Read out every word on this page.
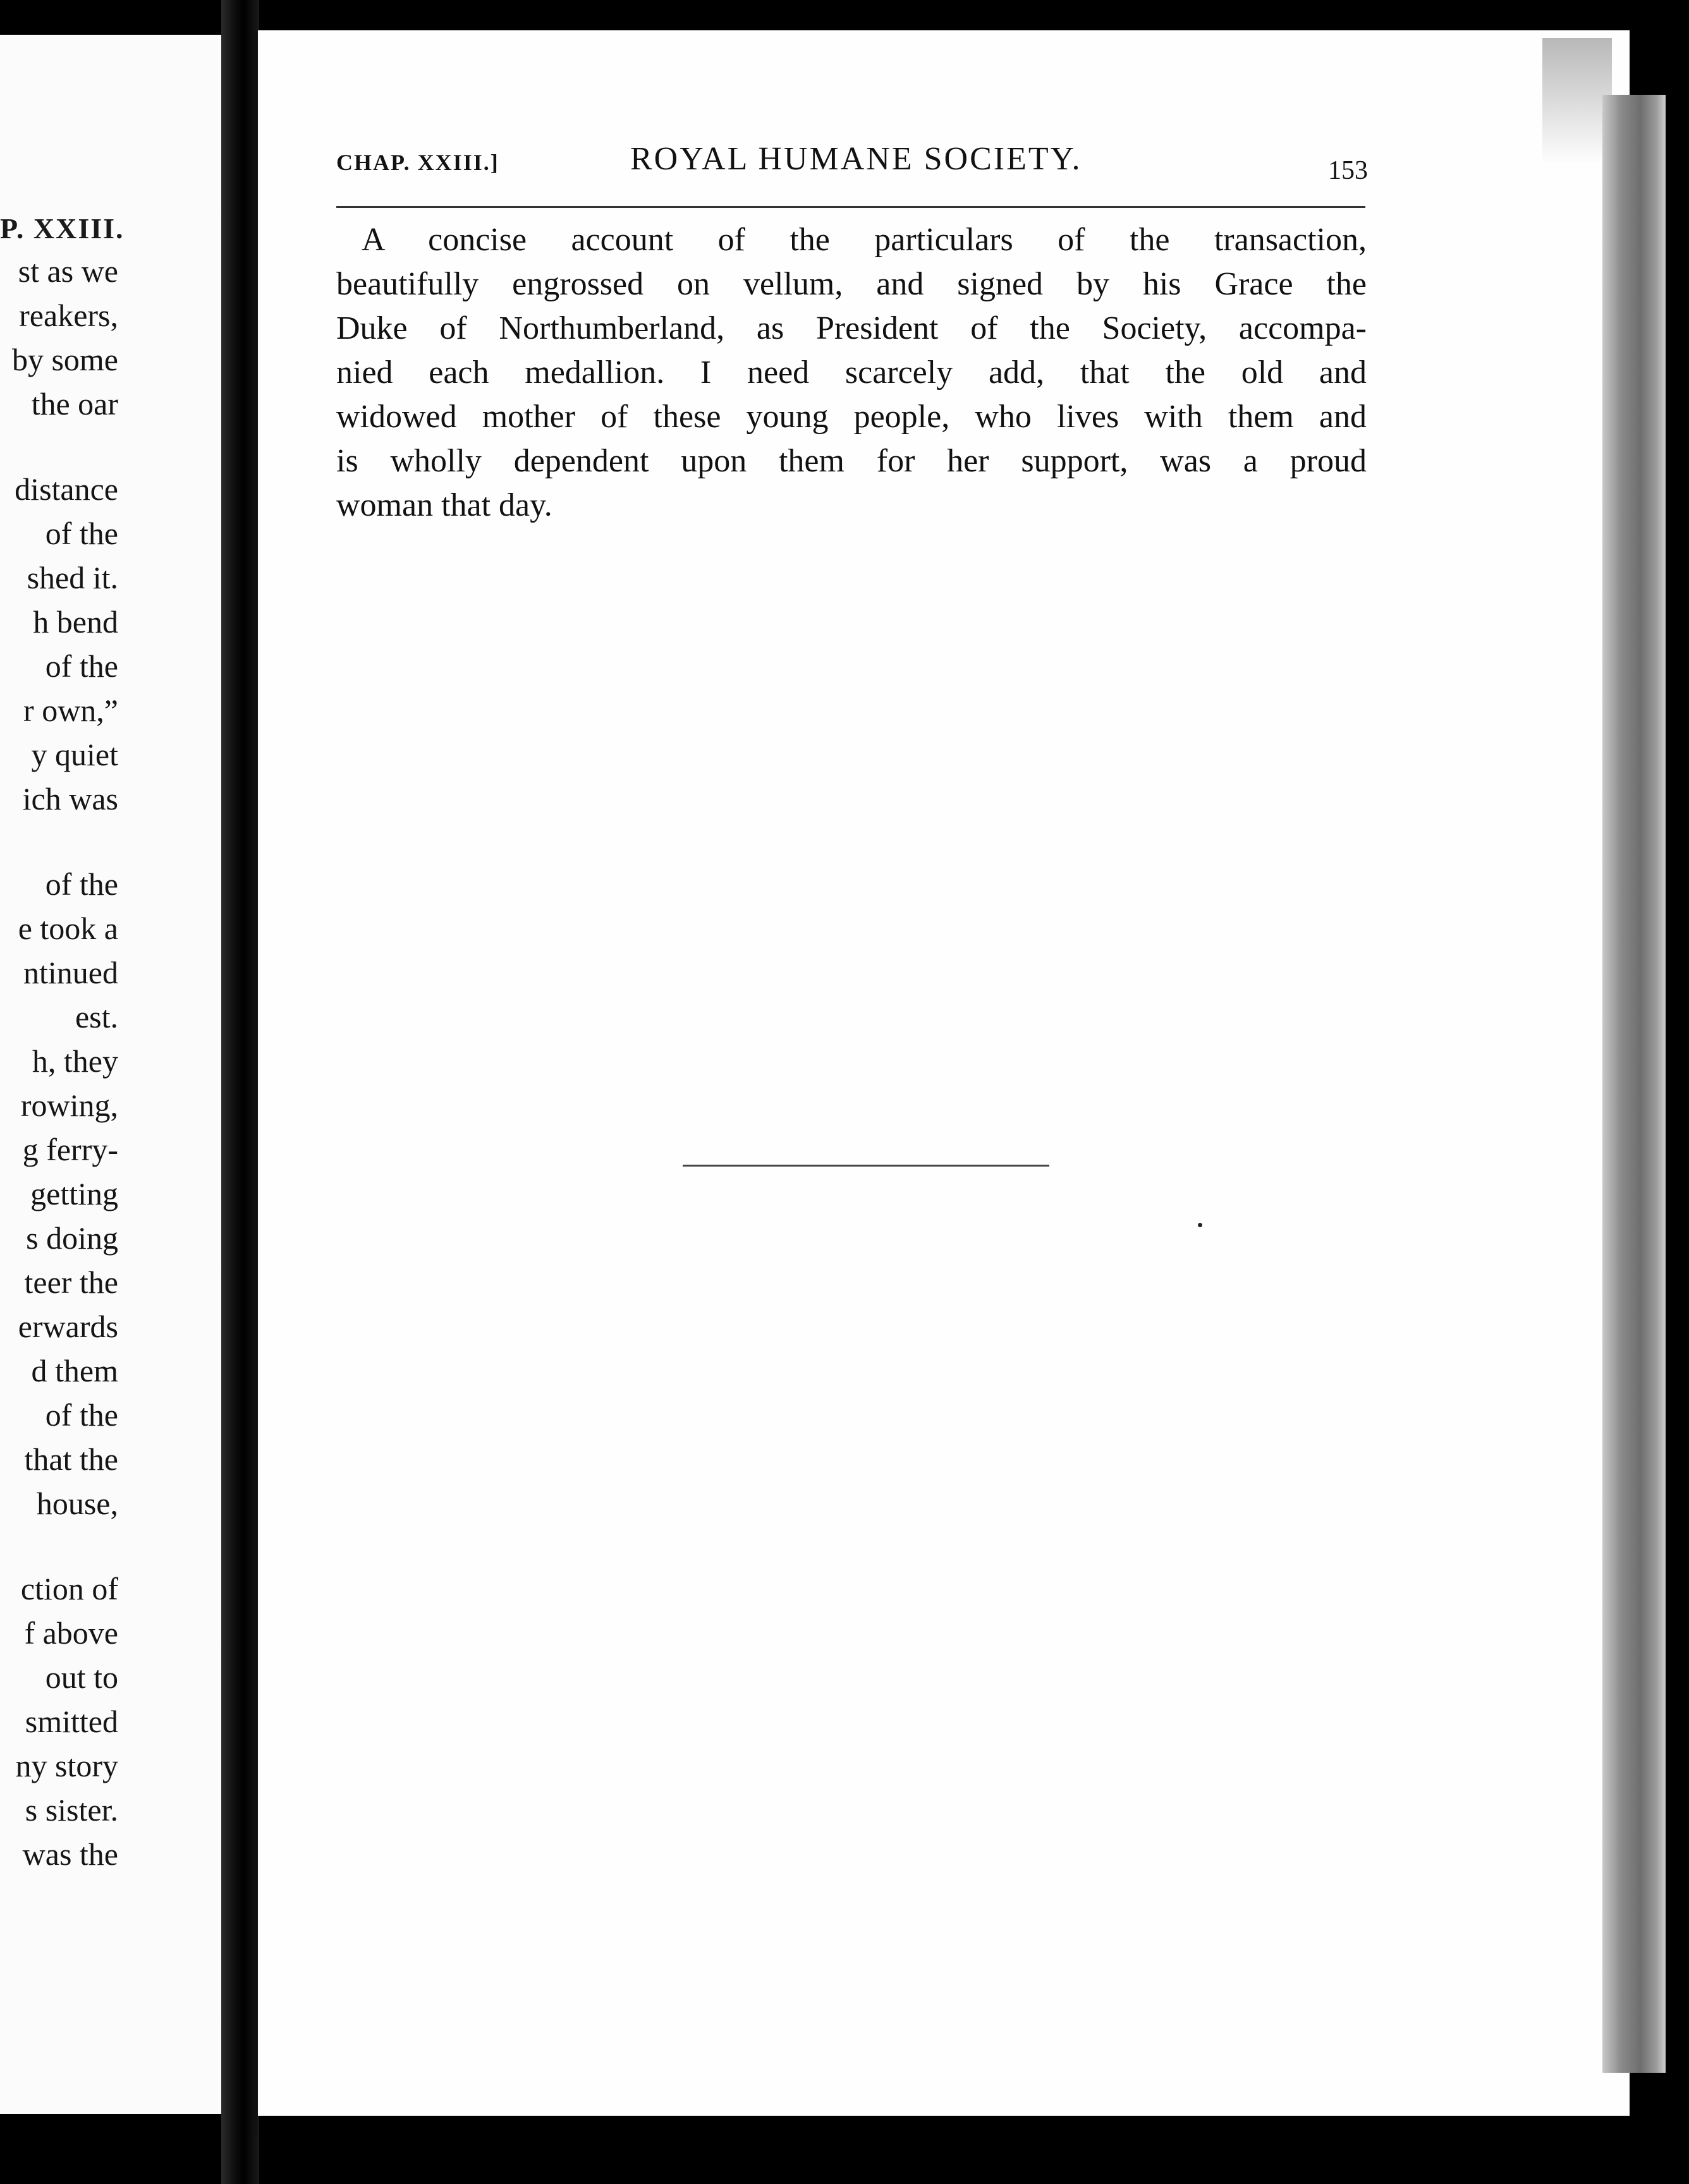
P. XXIII.
st as we
reakers,
by some
the oar
distance
of the
shed it.
h bend
of the
r own,”
y quiet
ich was
of the
e took a
ntinued
est.
h, they
rowing,
g ferry-
getting
s doing
teer the
erwards
d them
of the
that the
house,
ction of
f above
out to
smitted
ny story
s sister.
was the
CHAP. XXIII.]	ROYAL HUMANE SOCIETY.	153
A concise account of the particulars of the transaction,
beautifully engrossed on vellum, and signed by his Grace the
Duke of Northumberland, as President of the Society, accompa-
nied each medallion. I need scarcely add, that the old and
widowed mother of these young people, who lives with them and
is wholly dependent upon them for her support, was a proud
woman that day.
